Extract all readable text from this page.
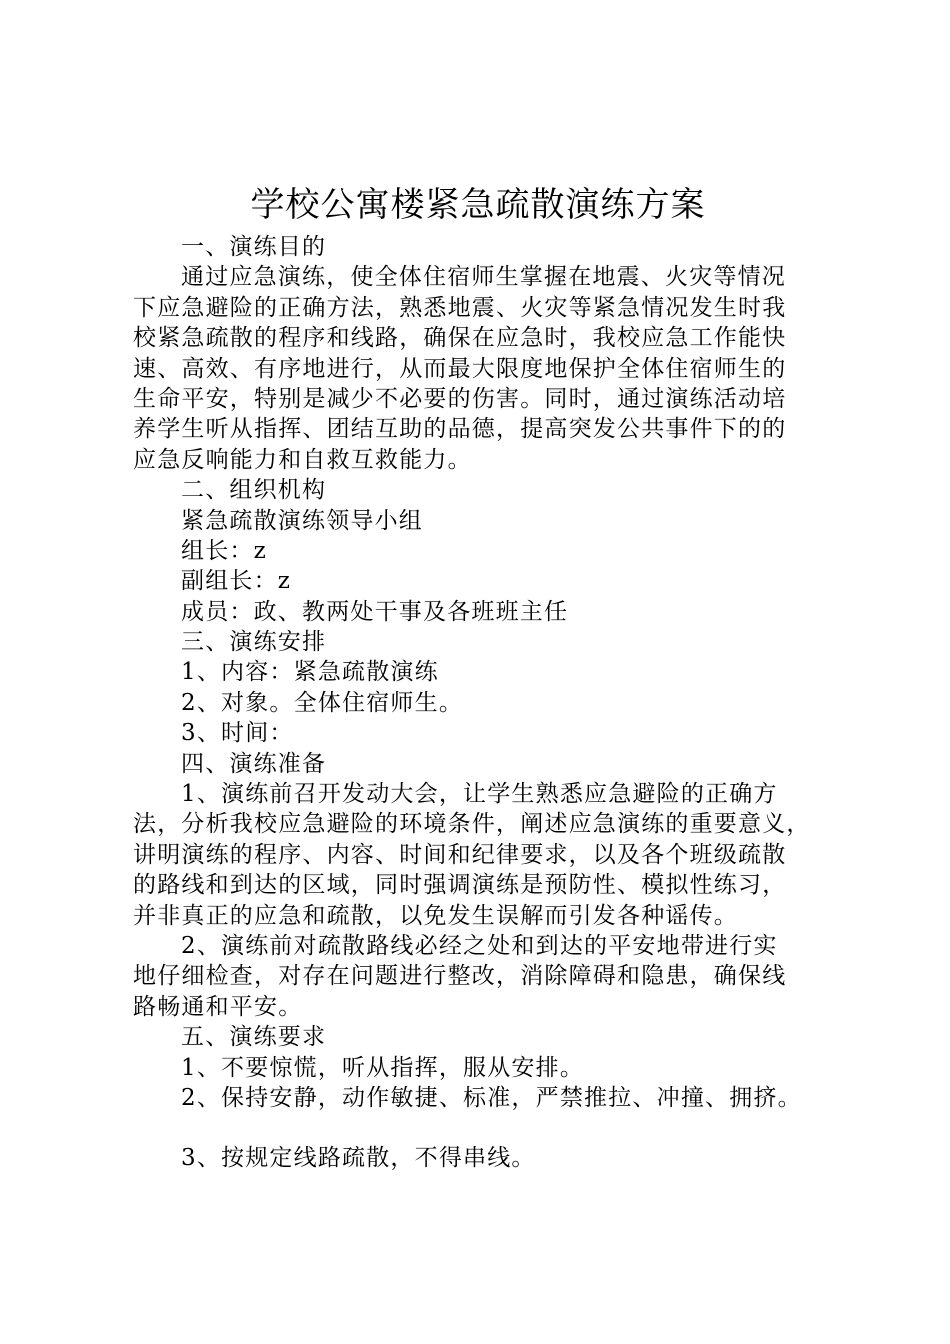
学校公寓楼紧急疏散演练方案
一、演练目的
通过应急演练，使全体住宿师生掌握在地震、火灾等情况
下应急避险的正确方法，熟悉地震、火灾等紧急情况发生时我
校紧急疏散的程序和线路，确保在应急时，我校应急工作能快
速、高效、有序地进行，从而最大限度地保护全体住宿师生的
生命平安，特别是减少不必要的伤害。同时，通过演练活动培
养学生听从指挥、团结互助的品德，提高突发公共事件下的的
应急反响能力和自救互救能力。
二、组织机构
紧急疏散演练领导小组
组长：z
副组长：z
成员：政、教两处干事及各班班主任
三、演练安排
1、内容：紧急疏散演练
2、对象。全体住宿师生。
3、时间：
四、演练准备
1、演练前召开发动大会，让学生熟悉应急避险的正确方
法，分析我校应急避险的环境条件，阐述应急演练的重要意义，
讲明演练的程序、内容、时间和纪律要求，以及各个班级疏散
的路线和到达的区域，同时强调演练是预防性、模拟性练习，
并非真正的应急和疏散，以免发生误解而引发各种谣传。
2、演练前对疏散路线必经之处和到达的平安地带进行实
地仔细检查，对存在问题进行整改，消除障碍和隐患，确保线
路畅通和平安。
五、演练要求
1、不要惊慌，听从指挥，服从安排。
2、保持安静，动作敏捷、标准，严禁推拉、冲撞、拥挤。
3、按规定线路疏散，不得串线。
